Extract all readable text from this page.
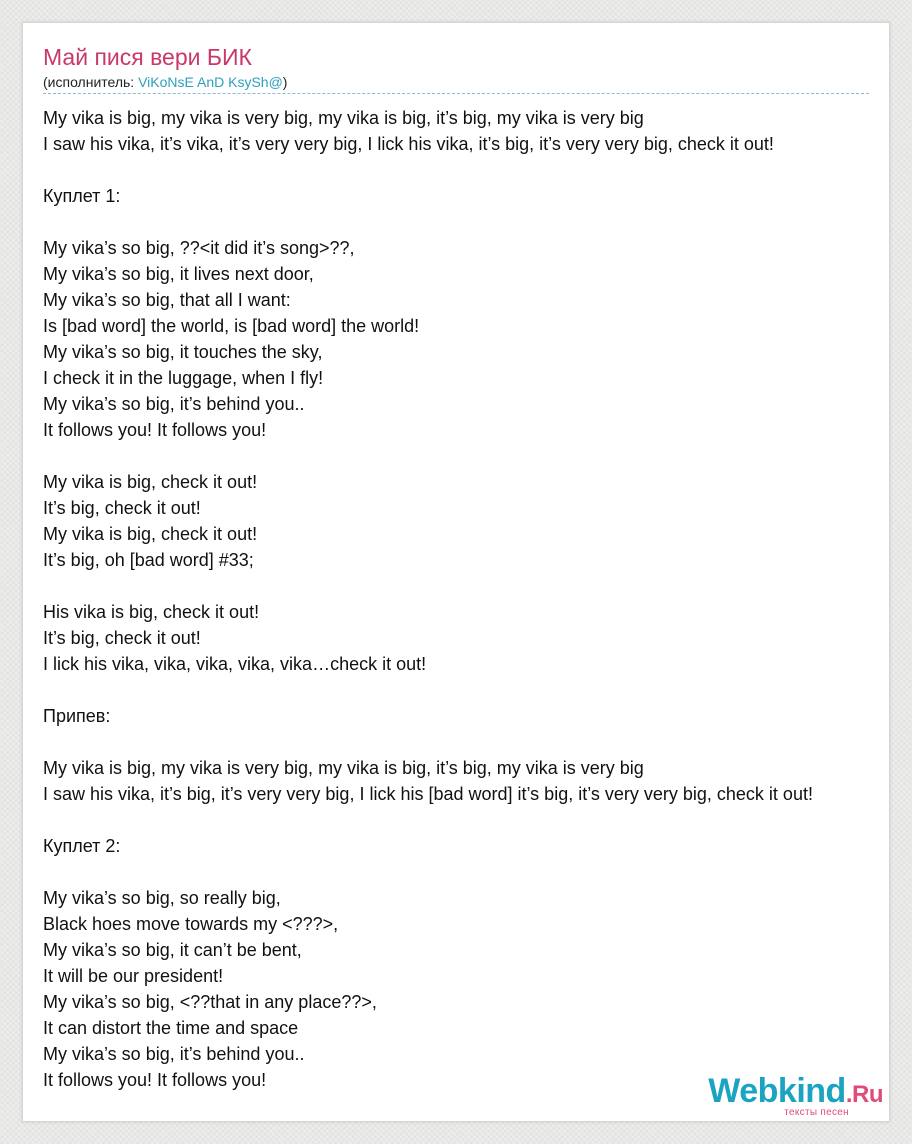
Май пися вери БИК
(исполнитель: ViKoNsE AnD KsySh@)
My vika is big, my vika is very big, my vika is big, it’s big, my vika is very big
I saw his vika, it’s vika, it’s very very big, I lick his vika, it’s big, it’s very very big, check it out!
Куплет 1:
My vika’s so big, ??<it did it’s song>??,
My vika’s so big, it lives next door,
My vika’s so big, that all I want:
Is [bad word] the world, is [bad word] the world!
My vika’s so big, it touches the sky,
I check it in the luggage, when I fly!
My vika’s so big, it’s behind you..
It follows you! It follows you!
My vika is big, check it out!
It’s big, check it out!
My vika is big, check it out!
It’s big, oh [bad word] #33;
His vika is big, check it out!
It’s big, check it out!
I lick his vika, vika, vika, vika, vika…check it out!
Припев:
My vika is big, my vika is very big, my vika is big, it’s big, my vika is very big
I saw his vika, it’s big, it’s very very big, I lick his [bad word] it’s big, it’s very very big, check it out!
Куплет 2:
My vika’s so big, so really big,
Black hoes move towards my <???>,
My vika’s so big, it can’t be bent,
It will be our president!
My vika’s so big, <??that in any place??>,
It can distort the time and space
My vika’s so big, it’s behind you..
It follows you! It follows you!	Webkind.Ru
тексты песен
